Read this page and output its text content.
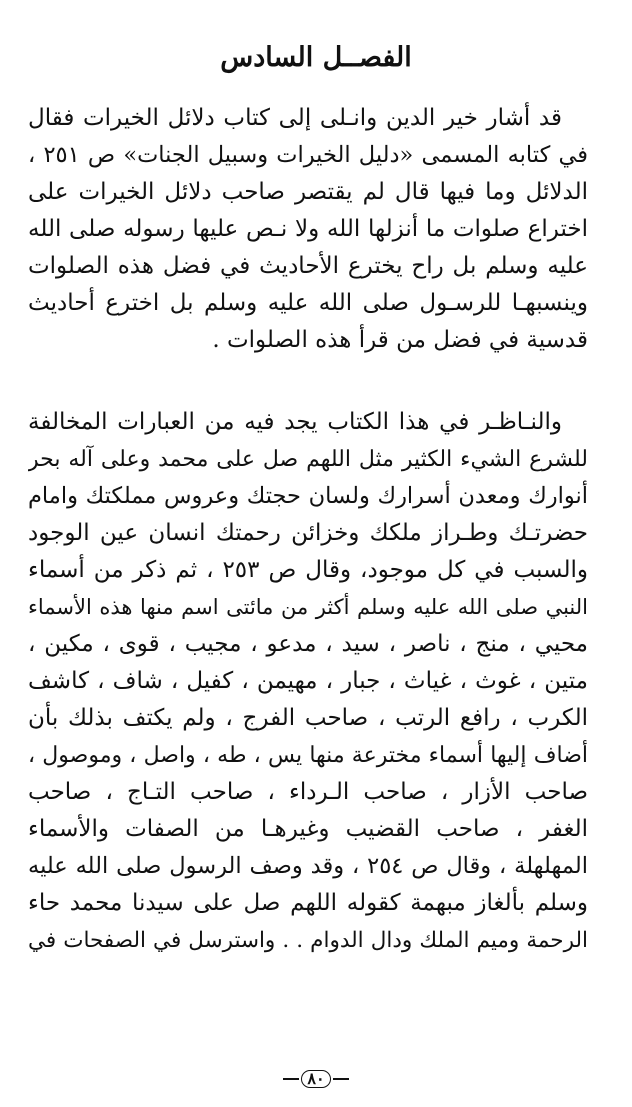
الفصــل السادس
قد أشار خير الدين وانـلى إلى كتاب دلائل الخيرات فقال
في كتابه المسمى «دليل الخيرات وسبيل الجنات» ص ٢٥١ ،
الدلائل وما فيها قال لم يقتصر صاحب دلائل الخيرات على
اختراع صلوات ما أنزلها الله ولا نـص عليها رسوله صلى الله
عليه وسلم بل راح يخترع الأحاديث في فضل هذه الصلوات
وينسبهـا للرسـول صلى الله عليه وسلم بل اخترع أحاديث
قدسية في فضل من قرأ هذه الصلوات .
والنـاظـر في هذا الكتاب يجد فيه من العبارات المخالفة
للشرع الشيء الكثير مثل اللهم صل على محمد وعلى آله بحر
أنوارك ومعدن أسرارك ولسان حجتك وعروس مملكتك وامام
حضرتـك وطـراز ملكك وخزائن رحمتك انسان عين الوجود
والسبب في كل موجود، وقال ص ٢٥٣ ، ثم ذكر من أسماء
النبي صلى الله عليه وسلم أكثر من مائتى اسم منها هذه الأسماء
محيي ، منج ، ناصر ، سيد ، مدعو ، مجيب ، قوى ، مكين ،
متين ، غوث ، غياث ، جبار ، مهيمن ، كفيل ، شاف ، كاشف
الكرب ، رافع الرتب ، صاحب الفرج ، ولم يكتف بذلك بأن
أضاف إليها أسماء مخترعة منها يس ، طه ، واصل ، وموصول ،
صاحب الأزار ، صاحب الـرداء ، صاحب التـاج ، صاحب
الغفر ، صاحب القضيب وغيرهـا من الصفات والأسماء
المهلهلة ، وقال ص ٢٥٤ ، وقد وصف الرسول صلى الله عليه
وسلم بألغاز مبهمة كقوله اللهم صل على سيدنا محمد حاء
الرحمة وميم الملك ودال الدوام . . واسترسل في الصفحات في
٨٠
